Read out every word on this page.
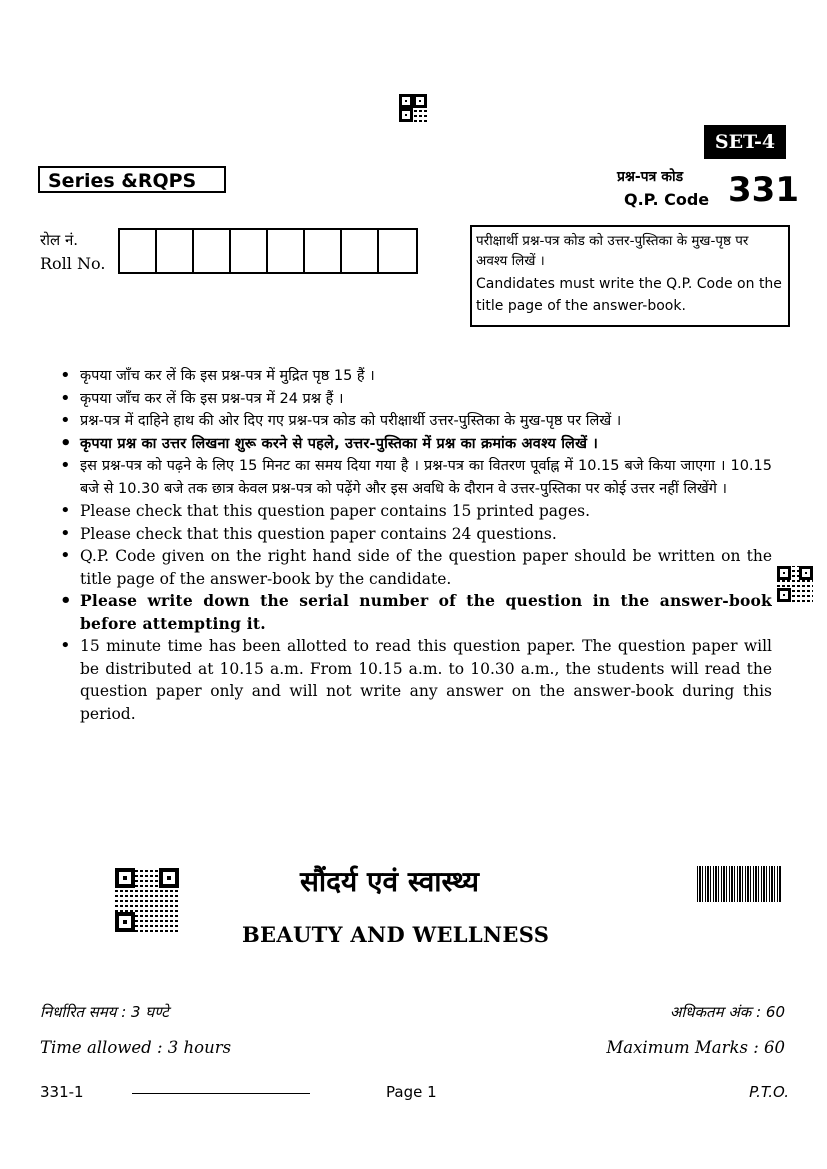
SET-4
Series &RQPS	प्रश्न-पत्र कोड
Q.P. Code 331
रोल नं.
Roll No.
परीक्षार्थी प्रश्न-पत्र कोड को उत्तर-पुस्तिका के मुख-पृष्ठ पर अवश्य लिखें ।
Candidates must write the Q.P. Code on the title page of the answer-book.
• कृपया जाँच कर लें कि इस प्रश्न-पत्र में मुद्रित पृष्ठ 15 हैं ।
• कृपया जाँच कर लें कि इस प्रश्न-पत्र में 24 प्रश्न हैं ।
• प्रश्न-पत्र में दाहिने हाथ की ओर दिए गए प्रश्न-पत्र कोड को परीक्षार्थी उत्तर-पुस्तिका के मुख-पृष्ठ पर लिखें ।
• कृपया प्रश्न का उत्तर लिखना शुरू करने से पहले, उत्तर-पुस्तिका में प्रश्न का क्रमांक अवश्य लिखें ।
• इस प्रश्न-पत्र को पढ़ने के लिए 15 मिनट का समय दिया गया है । प्रश्न-पत्र का वितरण पूर्वाह्न में 10.15 बजे किया जाएगा । 10.15 बजे से 10.30 बजे तक छात्र केवल प्रश्न-पत्र को पढ़ेंगे और इस अवधि के दौरान वे उत्तर-पुस्तिका पर कोई उत्तर नहीं लिखेंगे ।
• Please check that this question paper contains 15 printed pages.
• Please check that this question paper contains 24 questions.
• Q.P. Code given on the right hand side of the question paper should be written on the title page of the answer-book by the candidate.
• Please write down the serial number of the question in the answer-book before attempting it.
• 15 minute time has been allotted to read this question paper. The question paper will be distributed at 10.15 a.m. From 10.15 a.m. to 10.30 a.m., the students will read the question paper only and will not write any answer on the answer-book during this period.
सौंदर्य एवं स्वास्थ्य
BEAUTY AND WELLNESS
निर्धारित समय : 3 घण्टे	अधिकतम अंक : 60
Time allowed : 3 hours	Maximum Marks : 60
331-1	Page 1	P.T.O.
